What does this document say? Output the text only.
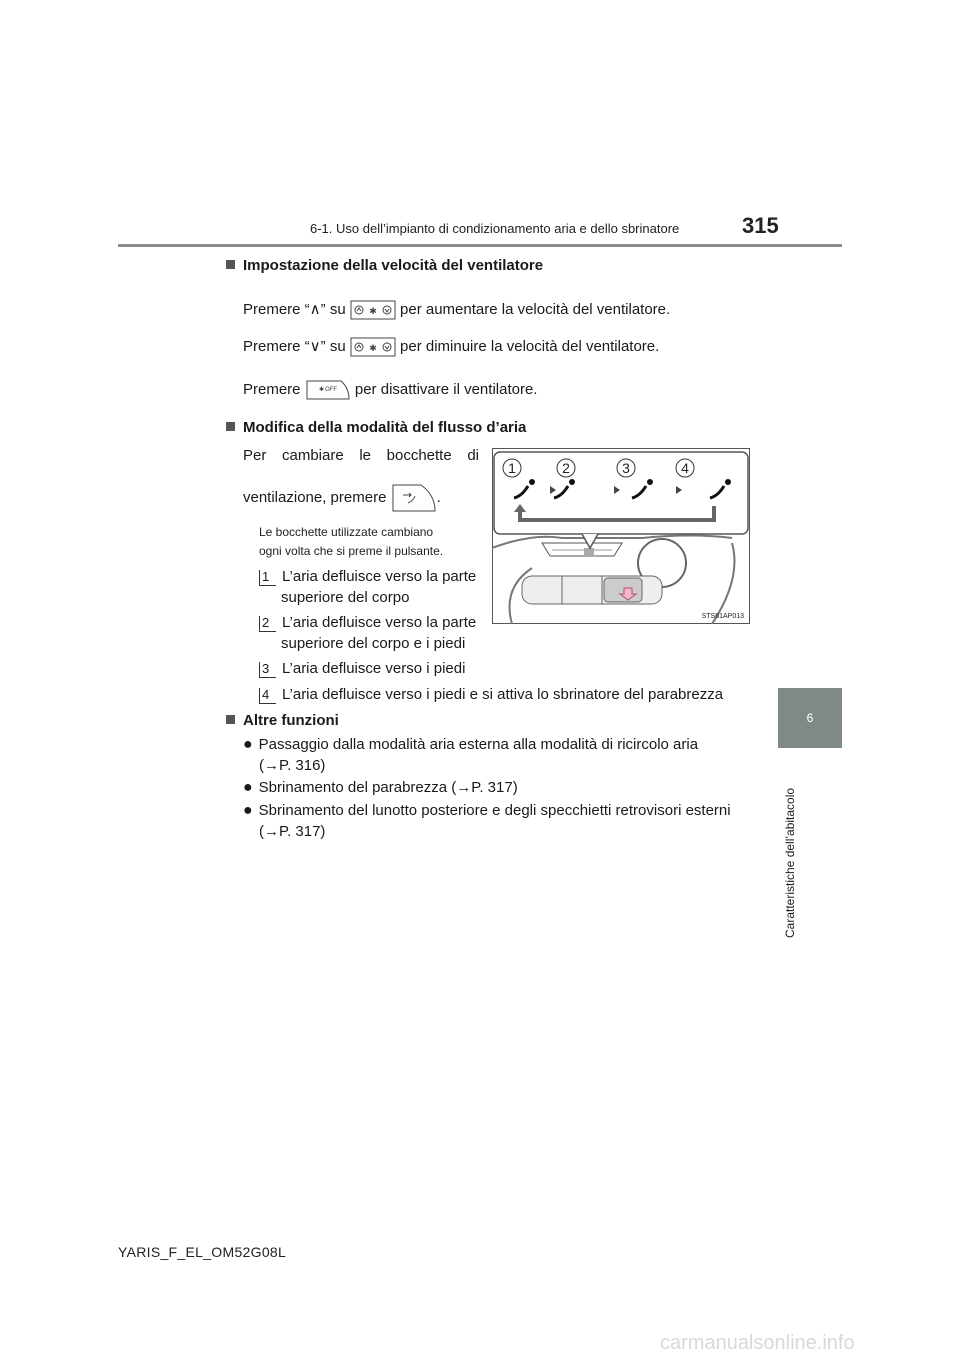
6-1. Uso dell’impianto di condizionamento aria e dello sbrinatore	315
6
Caratteristiche dell’abitacolo
Impostazione della velocità del ventilatore
Premere “∧” su	✱ per aumentare la velocità del ventilatore.
Premere “∨” su	✱ per diminuire la velocità del ventilatore.
Premere	✱ OFF per disattivare il ventilatore.
Modifica della modalità del flusso d’aria
Per cambiare le bocchette di
ventilazione, premere	.
Le bocchette utilizzate cambiano
ogni volta che si preme il pulsante.
1 L’aria defluisce verso la parte
superiore del corpo
2 L’aria defluisce verso la parte
superiore del corpo e i piedi
3 L’aria defluisce verso i piedi
4 L’aria defluisce verso i piedi e si attiva lo sbrinatore del parabrezza
1	2	3	4
STS61AP013
Altre funzioni
● Passaggio dalla modalità aria esterna alla modalità di ricircolo aria
(→P. 316)
● Sbrinamento del parabrezza (→P. 317)
● Sbrinamento del lunotto posteriore e degli specchietti retrovisori esterni
(→P. 317)
YARIS_F_EL_OM52G08L
carmanualsonline.info
